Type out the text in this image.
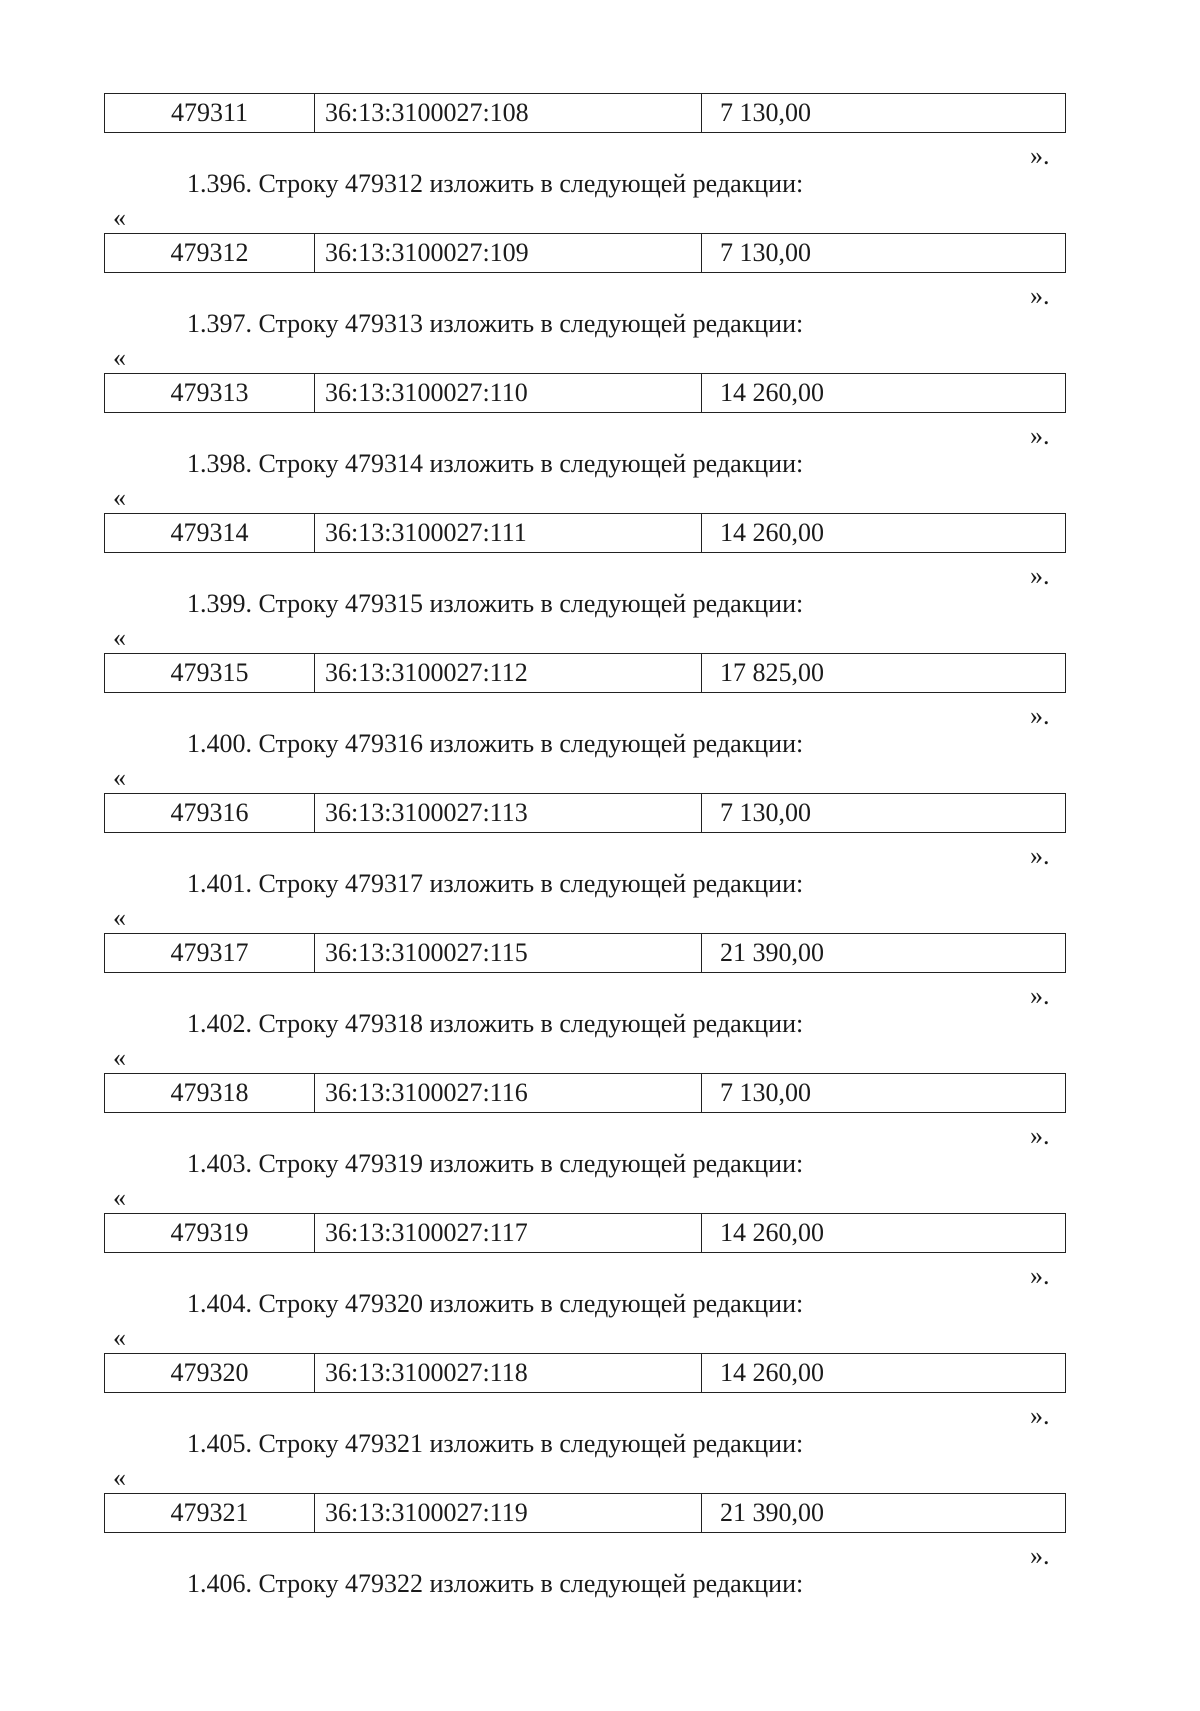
479311	36:13:3100027:108	7 130,00
».
1.396. Строку 479312 изложить в следующей редакции:
«
479312	36:13:3100027:109	7 130,00
».
1.397. Строку 479313 изложить в следующей редакции:
«
479313	36:13:3100027:110	14 260,00
».
1.398. Строку 479314 изложить в следующей редакции:
«
479314	36:13:3100027:111	14 260,00
».
1.399. Строку 479315 изложить в следующей редакции:
«
479315	36:13:3100027:112	17 825,00
».
1.400. Строку 479316 изложить в следующей редакции:
«
479316	36:13:3100027:113	7 130,00
».
1.401. Строку 479317 изложить в следующей редакции:
«
479317	36:13:3100027:115	21 390,00
».
1.402. Строку 479318 изложить в следующей редакции:
«
479318	36:13:3100027:116	7 130,00
».
1.403. Строку 479319 изложить в следующей редакции:
«
479319	36:13:3100027:117	14 260,00
».
1.404. Строку 479320 изложить в следующей редакции:
«
479320	36:13:3100027:118	14 260,00
».
1.405. Строку 479321 изложить в следующей редакции:
«
479321	36:13:3100027:119	21 390,00
».
1.406. Строку 479322 изложить в следующей редакции:
